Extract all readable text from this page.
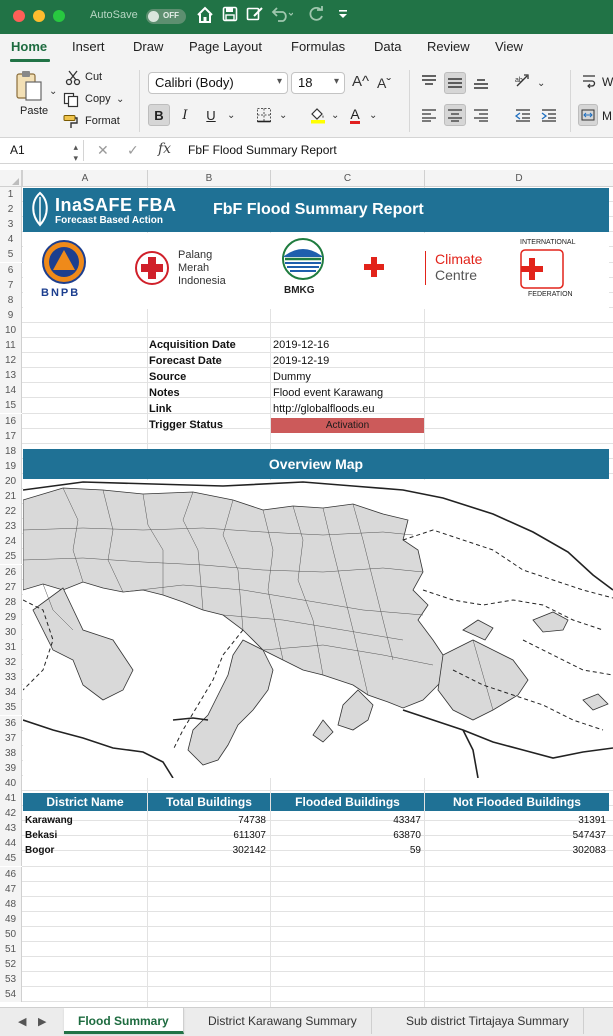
AutoSave	OFF
Home Insert Draw Page Layout Formulas Data Review View
Paste
⌄
Cut
Copy ⌄
Format
Calibri (Body)	▾	18 ▾ A^ Aˇ
B	I	U	⌄	⌄	⌄ A ⌄
ab ⌄	W
M
A1	▴
▾ ✕ ✓ fx FbF Flood Summary Report
A	B	C	D
1
2
3
4
5
6
7
8
9
10
11
12
13
14
15
16
17
18
19
20
21
22
23
24
25
26
27
28
29
30
31
32
33
34
35
36
37
38
39
40
41
42
43
44
45
46
47
48
49
50
51
52
53
54
InaSAFE FBA
Forecast Based Action
FbF Flood Summary Report
BNPB
Palang
Merah
Indonesia
BMKG
Climate
Centre
INTERNATIONAL
FEDERATION
Acquisition Date	2019-12-16
Forecast Date	2019-12-19
Source	Dummy
Notes	Flood event Karawang
Link	http://globalfloods.eu
Trigger Status	Activation
Overview Map
District Name	Total Buildings	Flooded Buildings	Not Flooded Buildings
Karawang	74738	43347	31391
Bekasi	611307	63870	547437
Bogor	302142	59	302083
◀ ▶	Flood Summary	District Karawang Summary	Sub district Tirtajaya Summary
